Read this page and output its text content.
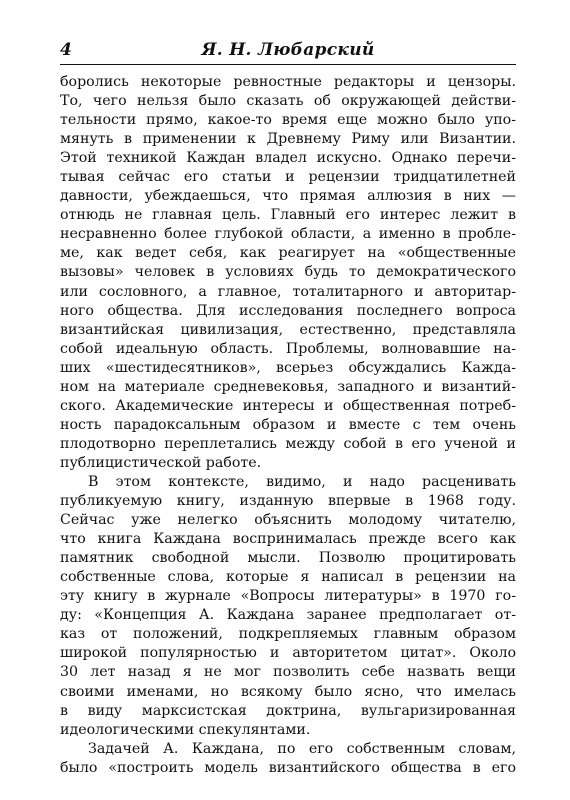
4	Я. Н. Любарский
боролись некоторые ревностные редакторы и цензоры.
То, чего нельзя было сказать об окружающей действи-
тельности прямо, какое-то время еще можно было упо-
мянуть в применении к Древнему Риму или Византии.
Этой техникой Каждан владел искусно. Однако перечи-
тывая сейчас его статьи и рецензии тридцатилетней
давности, убеждаешься, что прямая аллюзия в них —
отнюдь не главная цель. Главный его интерес лежит в
несравненно более глубокой области, а именно в пробле-
ме, как ведет себя, как реагирует на «общественные
вызовы» человек в условиях будь то демократического
или сословного, а главное, тоталитарного и авторитар-
ного общества. Для исследования последнего вопроса
византийская цивилизация, естественно, представляла
собой идеальную область. Проблемы, волновавшие на-
ших «шестидесятников», всерьез обсуждались Кажда-
ном на материале средневековья, западного и византий-
ского. Академические интересы и общественная потреб-
ность парадоксальным образом и вместе с тем очень
плодотворно переплетались между собой в его ученой и
публицистической работе.
В этом контексте, видимо, и надо расценивать
публикуемую книгу, изданную впервые в 1968 году.
Сейчас уже нелегко объяснить молодому читателю,
что книга Каждана воспринималась прежде всего как
памятник свободной мысли. Позволю процитировать
собственные слова, которые я написал в рецензии на
эту книгу в журнале «Вопросы литературы» в 1970 го-
ду: «Концепция А. Каждана заранее предполагает от-
каз от положений, подкрепляемых главным образом
широкой популярностью и авторитетом цитат». Около
30 лет назад я не мог позволить себе назвать вещи
своими именами, но всякому было ясно, что имелась
в виду марксистская доктрина, вульгаризированная
идеологическими спекулянтами.
Задачей А. Каждана, по его собственным словам,
было «построить модель византийского общества в его
